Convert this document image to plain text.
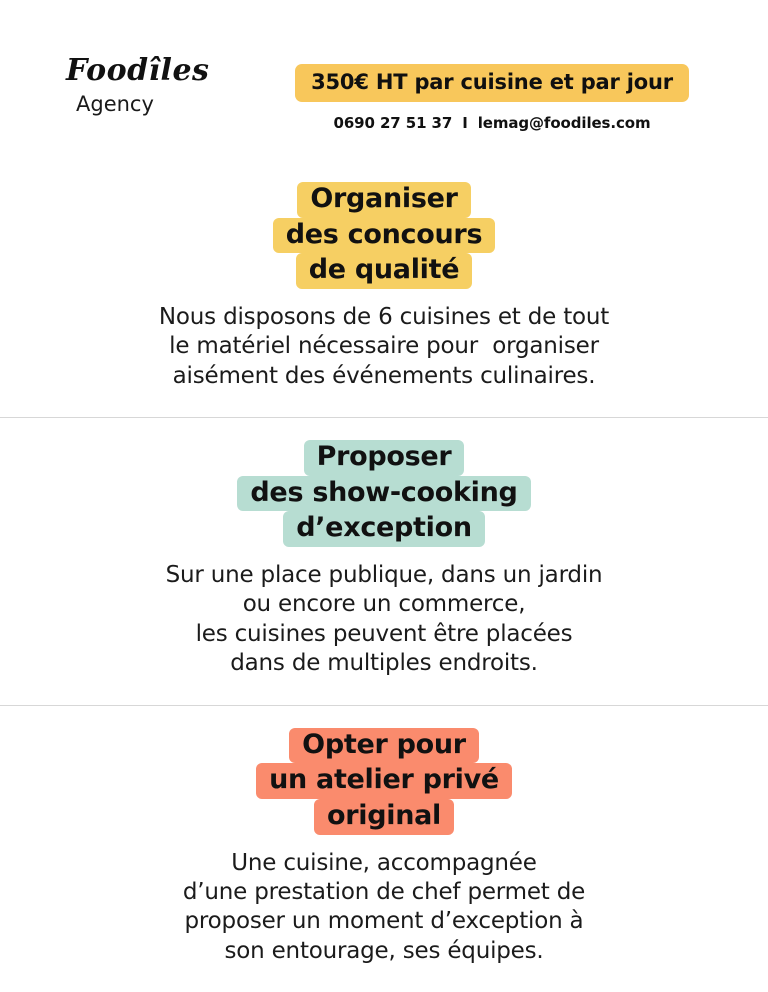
Foodîles
Agency
350€ HT par cuisine et par jour
0690 27 51 37 I lemag@foodiles.com
Organiser
des concours
de qualité
Nous disposons de 6 cuisines et de tout
le matériel nécessaire pour  organiser
aisément des événements culinaires.
Proposer
des show-cooking
d’exception
Sur une place publique, dans un jardin
ou encore un commerce,
les cuisines peuvent être placées
dans de multiples endroits.
Opter pour
un atelier privé
original
Une cuisine, accompagnée
d’une prestation de chef permet de
proposer un moment d’exception à
son entourage, ses équipes.
